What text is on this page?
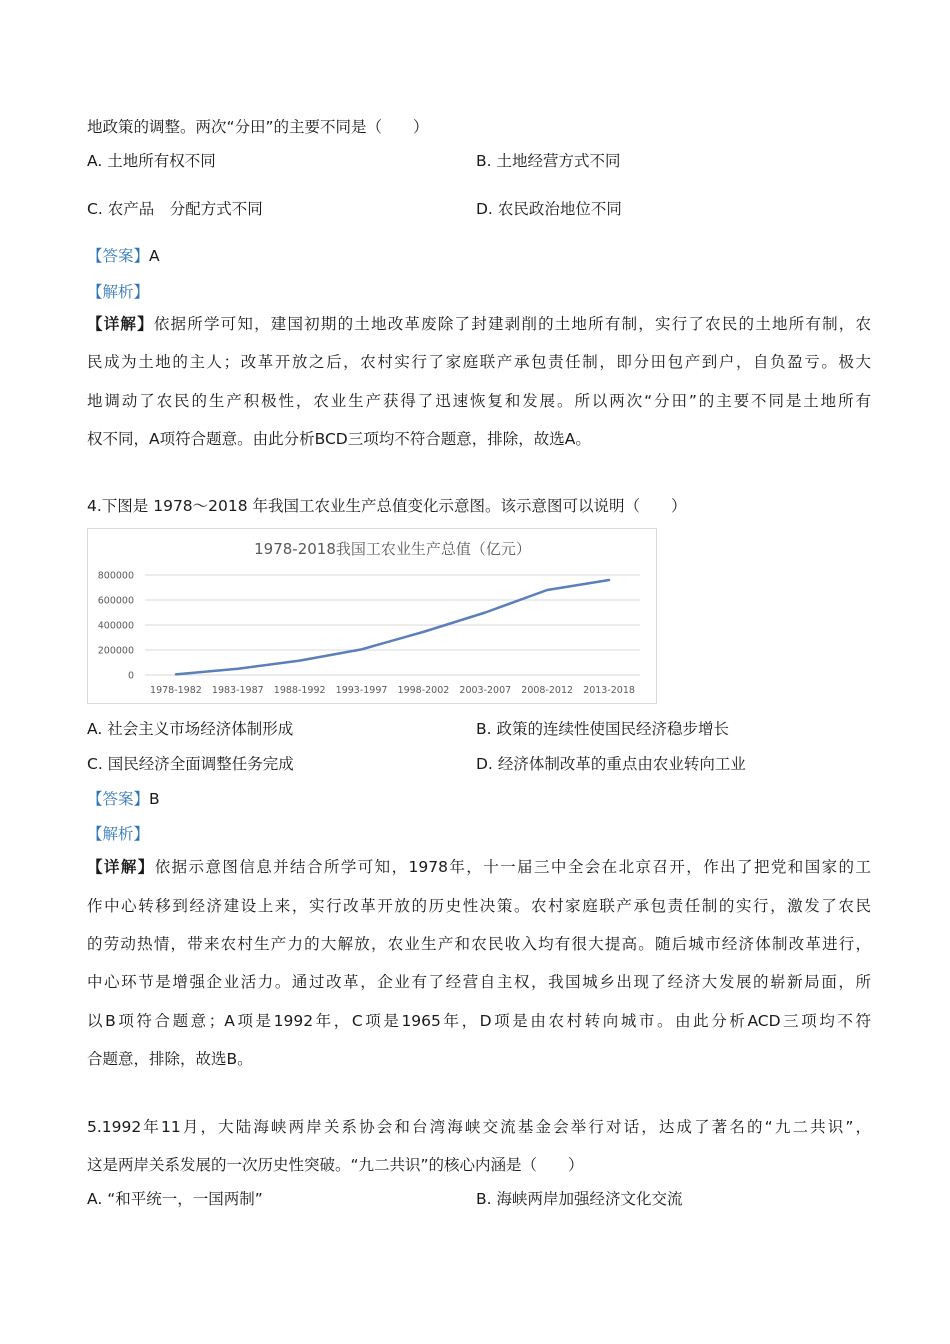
地政策的调整。两次“分田”的主要不同是（　　）
A. 土地所有权不同	B. 土地经营方式不同
C. 农产品　分配方式不同	D. 农民政治地位不同
【答案】A
【解析】
【详解】依据所学可知，建国初期的土地改革废除了封建剥削的土地所有制，实行了农民的土地所有制，农
民成为土地的主人；改革开放之后，农村实行了家庭联产承包责任制，即分田包产到户，自负盈亏。极大
地调动了农民的生产积极性，农业生产获得了迅速恢复和发展。所以两次“分田”的主要不同是土地所有
权不同，A项符合题意。由此分析BCD三项均不符合题意，排除，故选A。
4.下图是 1978～2018 年我国工农业生产总值变化示意图。该示意图可以说明（　　）
1978-2018我国工农业生产总值（亿元）
0
200000
400000
600000
800000
1978-1982 1983-1987 1988-1992 1993-1997 1998-2002 2003-2007 2008-2012 2013-2018
A. 社会主义市场经济体制形成	B. 政策的连续性使国民经济稳步增长
C. 国民经济全面调整任务完成	D. 经济体制改革的重点由农业转向工业
【答案】B
【解析】
【详解】依据示意图信息并结合所学可知，1978年，十一届三中全会在北京召开，作出了把党和国家的工
作中心转移到经济建设上来，实行改革开放的历史性决策。农村家庭联产承包责任制的实行，激发了农民
的劳动热情，带来农村生产力的大解放，农业生产和农民收入均有很大提高。随后城市经济体制改革进行，
中心环节是增强企业活力。通过改革，企业有了经营自主权，我国城乡出现了经济大发展的崭新局面，所
以B项符合题意；A项是1992年，C项是1965年，D项是由农村转向城市。由此分析ACD三项均不符
合题意，排除，故选B。
5.1992年11月，大陆海峡两岸关系协会和台湾海峡交流基金会举行对话，达成了著名的“九二共识”，
这是两岸关系发展的一次历史性突破。“九二共识”的核心内涵是（　　）
A. “和平统一，一国两制”	B. 海峡两岸加强经济文化交流
